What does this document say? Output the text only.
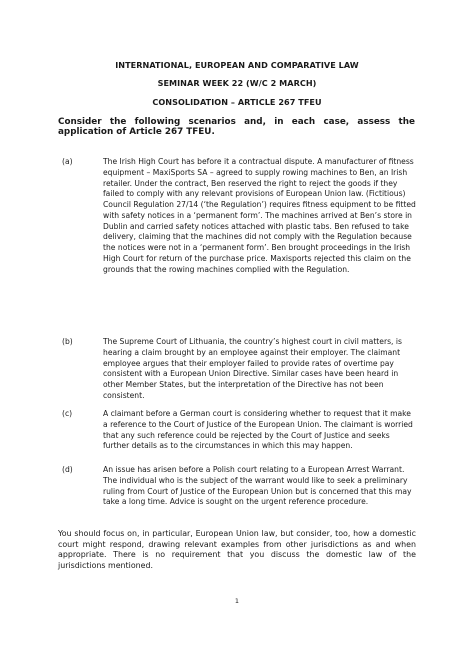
INTERNATIONAL, EUROPEAN AND COMPARATIVE LAW
SEMINAR WEEK 22 (W/C 2 MARCH)
CONSOLIDATION – ARTICLE 267 TFEU
Consider the following scenarios and, in each case, assess the application of Article 267 TFEU.
(a)	The Irish High Court has before it a contractual dispute. A manufacturer of fitness equipment – MaxiSports SA – agreed to supply rowing machines to Ben, an Irish retailer. Under the contract, Ben reserved the right to reject the goods if they failed to comply with any relevant provisions of European Union law. (Fictitious) Council Regulation 27/14 (‘the Regulation’) requires fitness equipment to be fitted with safety notices in a ‘permanent form’. The machines arrived at Ben’s store in Dublin and carried safety notices attached with plastic tabs. Ben refused to take delivery, claiming that the machines did not comply with the Regulation because the notices were not in a ‘permanent form’. Ben brought proceedings in the Irish High Court for return of the purchase price. Maxisports rejected this claim on the grounds that the rowing machines complied with the Regulation.
(b)	The Supreme Court of Lithuania, the country’s highest court in civil matters, is hearing a claim brought by an employee against their employer. The claimant employee argues that their employer failed to provide rates of overtime pay consistent with a European Union Directive. Similar cases have been heard in other Member States, but the interpretation of the Directive has not been consistent.
(c)	A claimant before a German court is considering whether to request that it make a reference to the Court of Justice of the European Union. The claimant is worried that any such reference could be rejected by the Court of Justice and seeks further details as to the circumstances in which this may happen.
(d)	An issue has arisen before a Polish court relating to a European Arrest Warrant. The individual who is the subject of the warrant would like to seek a preliminary ruling from Court of Justice of the European Union but is concerned that this may take a long time. Advice is sought on the urgent reference procedure.
You should focus on, in particular, European Union law, but consider, too, how a domestic court might respond, drawing relevant examples from other jurisdictions as and when appropriate. There is no requirement that you discuss the domestic law of the jurisdictions mentioned.
1
